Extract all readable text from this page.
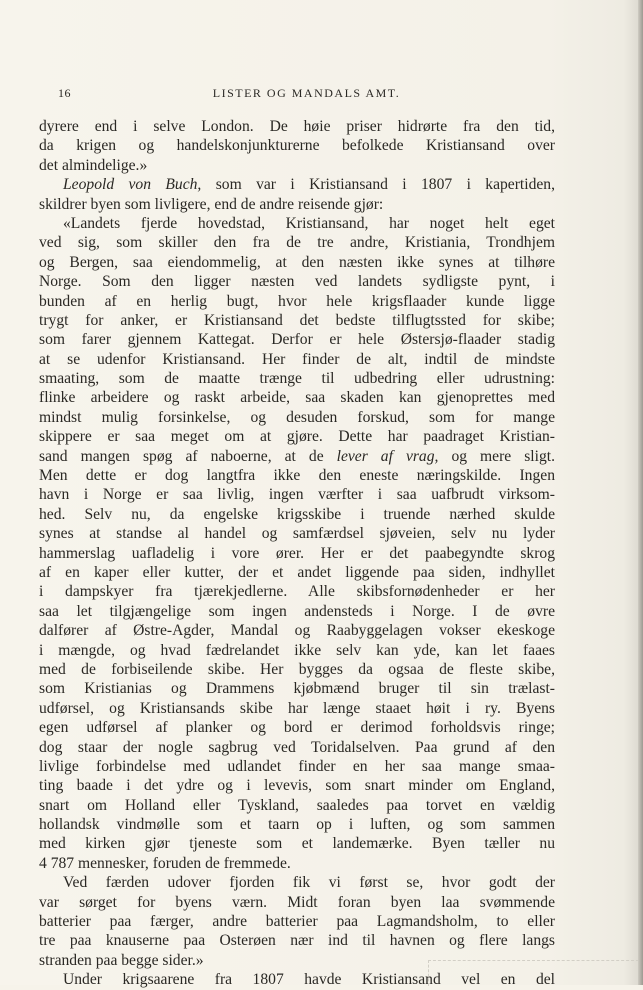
16	LISTER OG MANDALS AMT.
dyrere end i selve London. De høie priser hidrørte fra den tid,
da krigen og handelskonjunkturerne befolkede Kristiansand over
det almindelige.»
Leopold von Buch, som var i Kristiansand i 1807 i kapertiden,
skildrer byen som livligere, end de andre reisende gjør:
«Landets fjerde hovedstad, Kristiansand, har noget helt eget
ved sig, som skiller den fra de tre andre, Kristiania, Trondhjem
og Bergen, saa eiendommelig, at den næsten ikke synes at tilhøre
Norge. Som den ligger næsten ved landets sydligste pynt, i
bunden af en herlig bugt, hvor hele krigsflaader kunde ligge
trygt for anker, er Kristiansand det bedste tilflugtssted for skibe;
som farer gjennem Kattegat. Derfor er hele Østersjø-flaader stadig
at se udenfor Kristiansand. Her finder de alt, indtil de mindste
smaating, som de maatte trænge til udbedring eller udrustning:
flinke arbeidere og raskt arbeide, saa skaden kan gjenoprettes med
mindst mulig forsinkelse, og desuden forskud, som for mange
skippere er saa meget om at gjøre. Dette har paadraget Kristian-
sand mangen spøg af naboerne, at de lever af vrag, og mere sligt.
Men dette er dog langtfra ikke den eneste næringskilde. Ingen
havn i Norge er saa livlig, ingen værfter i saa uafbrudt virksom-
hed. Selv nu, da engelske krigsskibe i truende nærhed skulde
synes at standse al handel og samfærdsel sjøveien, selv nu lyder
hammerslag uafladelig i vore ører. Her er det paabegyndte skrog
af en kaper eller kutter, der et andet liggende paa siden, indhyllet
i dampskyer fra tjærekjedlerne. Alle skibsfornødenheder er her
saa let tilgjængelige som ingen andensteds i Norge. I de øvre
dalfører af Østre-Agder, Mandal og Raabyggelagen vokser ekeskoge
i mængde, og hvad fædrelandet ikke selv kan yde, kan let faaes
med de forbiseilende skibe. Her bygges da ogsaa de fleste skibe,
som Kristianias og Drammens kjøbmænd bruger til sin trælast-
udførsel, og Kristiansands skibe har længe staaet høit i ry. Byens
egen udførsel af planker og bord er derimod forholdsvis ringe;
dog staar der nogle sagbrug ved Toridalselven. Paa grund af den
livlige forbindelse med udlandet finder en her saa mange smaa-
ting baade i det ydre og i levevis, som snart minder om England,
snart om Holland eller Tyskland, saaledes paa torvet en vældig
hollandsk vindmølle som et taarn op i luften, og som sammen
med kirken gjør tjeneste som et landemærke. Byen tæller nu
4 787 mennesker, foruden de fremmede.
Ved færden udover fjorden fik vi først se, hvor godt der
var sørget for byens værn. Midt foran byen laa svømmende
batterier paa færger, andre batterier paa Lagmandsholm, to eller
tre paa knauserne paa Osterøen nær ind til havnen og flere langs
stranden paa begge sider.»
Under krigsaarene fra 1807 havde Kristiansand vel en del
